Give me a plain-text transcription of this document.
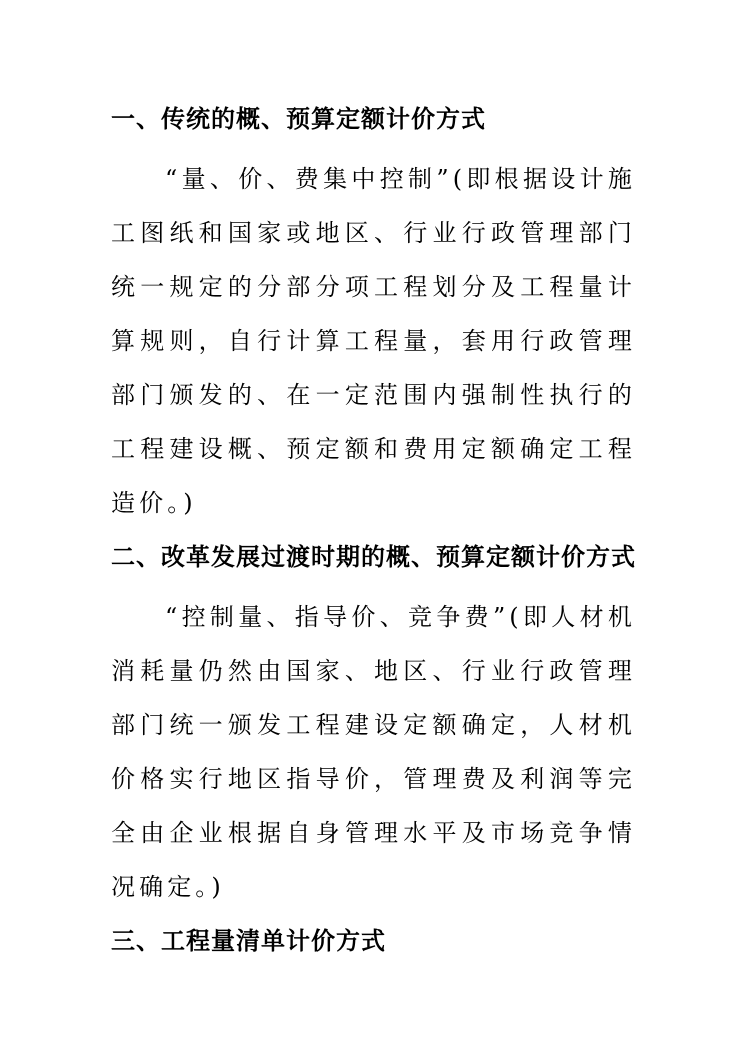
一、传统的概、预算定额计价方式

“量、价、费集中控制”(即根据设计施工图纸和国家或地区、行业行政管理部门统一规定的分部分项工程划分及工程量计算规则，自行计算工程量，套用行政管理部门颁发的、在一定范围内强制性执行的工程建设概、预定额和费用定额确定工程造价。)

二、改革发展过渡时期的概、预算定额计价方式

“控制量、指导价、竞争费”(即人材机消耗量仍然由国家、地区、行业行政管理部门统一颁发工程建设定额确定，人材机价格实行地区指导价，管理费及利润等完全由企业根据自身管理水平及市场竞争情况确定。)

三、工程量清单计价方式
